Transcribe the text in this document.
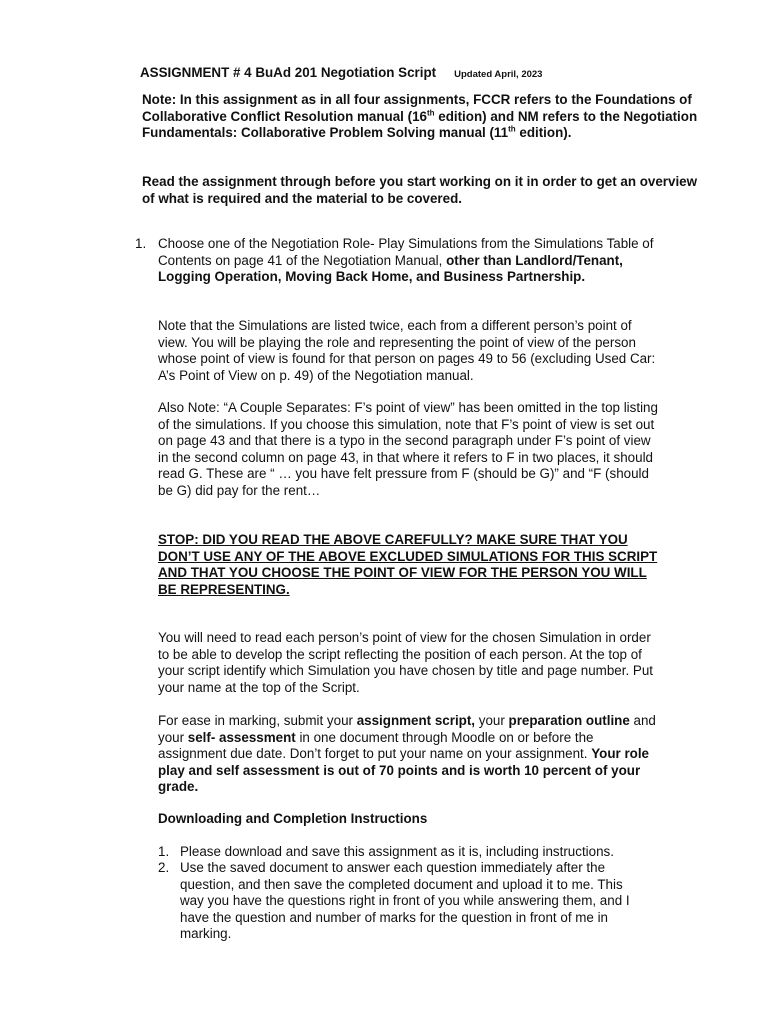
ASSIGNMENT # 4 BuAd 201 Negotiation Script Updated April, 2023
Note: In this assignment as in all four assignments, FCCR refers to the Foundations of Collaborative Conflict Resolution manual (16th edition) and NM refers to the Negotiation Fundamentals: Collaborative Problem Solving manual (11th edition).
Read the assignment through before you start working on it in order to get an overview of what is required and the material to be covered.
1. Choose one of the Negotiation Role- Play Simulations from the Simulations Table of Contents on page 41 of the Negotiation Manual, other than Landlord/Tenant, Logging Operation, Moving Back Home, and Business Partnership.
Note that the Simulations are listed twice, each from a different person’s point of view. You will be playing the role and representing the point of view of the person whose point of view is found for that person on pages 49 to 56 (excluding Used Car: A’s Point of View on p. 49) of the Negotiation manual.
Also Note: “A Couple Separates: F’s point of view” has been omitted in the top listing of the simulations. If you choose this simulation, note that F’s point of view is set out on page 43 and that there is a typo in the second paragraph under F’s point of view in the second column on page 43, in that where it refers to F in two places, it should read G. These are “ … you have felt pressure from F (should be G)” and “F (should be G) did pay for the rent…
STOP: DID YOU READ THE ABOVE CAREFULLY? MAKE SURE THAT YOU DON’T USE ANY OF THE ABOVE EXCLUDED SIMULATIONS FOR THIS SCRIPT AND THAT YOU CHOOSE THE POINT OF VIEW FOR THE PERSON YOU WILL BE REPRESENTING.
You will need to read each person’s point of view for the chosen Simulation in order to be able to develop the script reflecting the position of each person. At the top of your script identify which Simulation you have chosen by title and page number. Put your name at the top of the Script.
For ease in marking, submit your assignment script, your preparation outline and your self- assessment in one document through Moodle on or before the assignment due date. Don’t forget to put your name on your assignment. Your role play and self assessment is out of 70 points and is worth 10 percent of your grade.
Downloading and Completion Instructions
1. Please download and save this assignment as it is, including instructions.
2. Use the saved document to answer each question immediately after the question, and then save the completed document and upload it to me. This way you have the questions right in front of you while answering them, and I have the question and number of marks for the question in front of me in marking.
